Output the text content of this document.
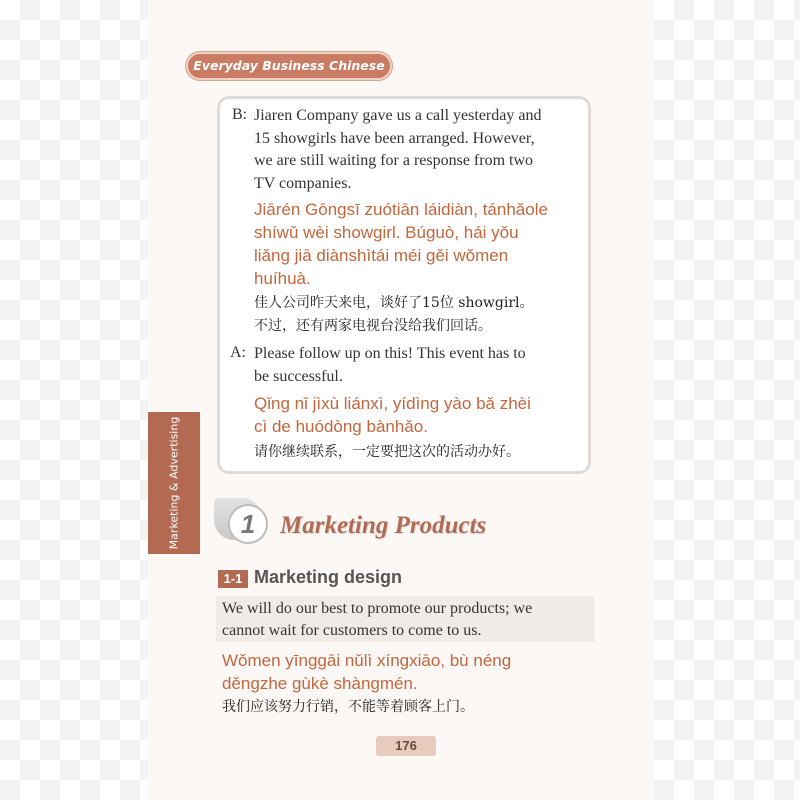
Everyday Business Chinese
Marketing & Advertising
B: Jiaren Company gave us a call yesterday and

15 showgirls have been arranged. However,

we are still waiting for a response from two

TV companies.

Jiārén Gōngsī zuótiān láidiàn, tánhǎole

shíwǔ wèi showgirl. Búguò, hái yǒu

liǎng jiā diànshìtái méi gěi wǒmen

huíhuà.

佳人公司昨天来电，谈好了15位 showgirl。

不过，还有两家电视台没给我们回话。

A: Please follow up on this! This event has to

be successful.

Qǐng nǐ jìxù liánxì, yídìng yào bǎ zhèi

cì de huódòng bànhǎo.

请你继续联系，一定要把这次的活动办好。

1 Marketing Products
1-1 Marketing design

We will do our best to promote our products; we

cannot wait for customers to come to us.

Wǒmen yīnggāi nǔlì xíngxiāo, bù néng

děngzhe gùkè shàngmén.

我们应该努力行销，不能等着顾客上门。

176
